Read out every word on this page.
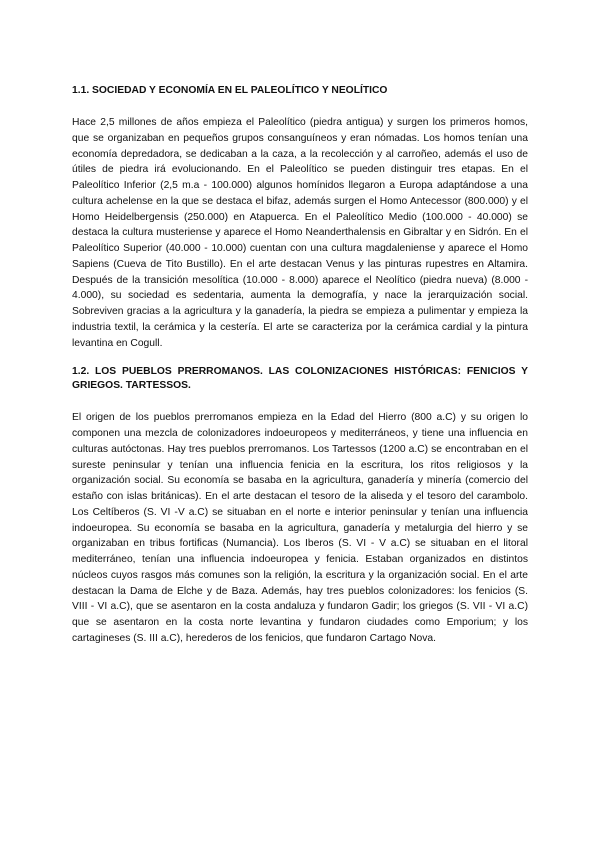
1.1. SOCIEDAD Y ECONOMÍA EN EL PALEOLÍTICO Y NEOLÍTICO

Hace 2,5 millones de años empieza el Paleolítico (piedra antigua) y surgen los primeros homos, que se organizaban en pequeños grupos consanguíneos y eran nómadas. Los homos tenían una economía depredadora, se dedicaban a la caza, a la recolección y al carroñeo, además el uso de útiles de piedra irá evolucionando. En el Paleolítico se pueden distinguir tres etapas. En el Paleolítico Inferior (2,5 m.a - 100.000) algunos homínidos llegaron a Europa adaptándose a una cultura achelense en la que se destaca el bifaz, además surgen el Homo Antecessor (800.000) y el Homo Heidelbergensis (250.000) en Atapuerca. En el Paleolítico Medio (100.000 - 40.000) se destaca la cultura musteriense y aparece el Homo Neanderthalensis en Gibraltar y en Sidrón. En el Paleolítico Superior (40.000 - 10.000) cuentan con una cultura magdaleniense y aparece el Homo Sapiens (Cueva de Tito Bustillo). En el arte destacan Venus y las pinturas rupestres en Altamira. Después de la transición mesolítica (10.000 - 8.000) aparece el Neolítico (piedra nueva) (8.000 - 4.000), su sociedad es sedentaria, aumenta la demografía, y nace la jerarquización social. Sobreviven gracias a la agricultura y la ganadería, la piedra se empieza a pulimentar y empieza la industria textil, la cerámica y la cestería. El arte se caracteriza por la cerámica cardial y la pintura levantina en Cogull.

1.2. LOS PUEBLOS PRERROMANOS. LAS COLONIZACIONES HISTÓRICAS: FENICIOS Y GRIEGOS. TARTESSOS.

El origen de los pueblos prerromanos empieza en la Edad del Hierro (800 a.C) y su origen lo componen una mezcla de colonizadores indoeuropeos y mediterráneos, y tiene una influencia en culturas autóctonas. Hay tres pueblos prerromanos. Los Tartessos (1200 a.C) se encontraban en el sureste peninsular y tenían una influencia fenicia en la escritura, los ritos religiosos y la organización social. Su economía se basaba en la agricultura, ganadería y minería (comercio del estaño con islas británicas). En el arte destacan el tesoro de la aliseda y el tesoro del carambolo. Los Celtíberos (S. VI -V a.C) se situaban en el norte e interior peninsular y tenían una influencia indoeuropea. Su economía se basaba en la agricultura, ganadería y metalurgia del hierro y se organizaban en tribus fortificas (Numancia). Los Iberos (S. VI - V a.C) se situaban en el litoral mediterráneo, tenían una influencia indoeuropea y fenicia. Estaban organizados en distintos núcleos cuyos rasgos más comunes son la religión, la escritura y la organización social. En el arte destacan la Dama de Elche y de Baza. Además, hay tres pueblos colonizadores: los fenicios (S. VIII - VI a.C), que se asentaron en la costa andaluza y fundaron Gadir; los griegos (S. VII - VI a.C) que se asentaron en la costa norte levantina y fundaron ciudades como Emporium; y los cartagineses (S. III a.C), herederos de los fenicios, que fundaron Cartago Nova.
